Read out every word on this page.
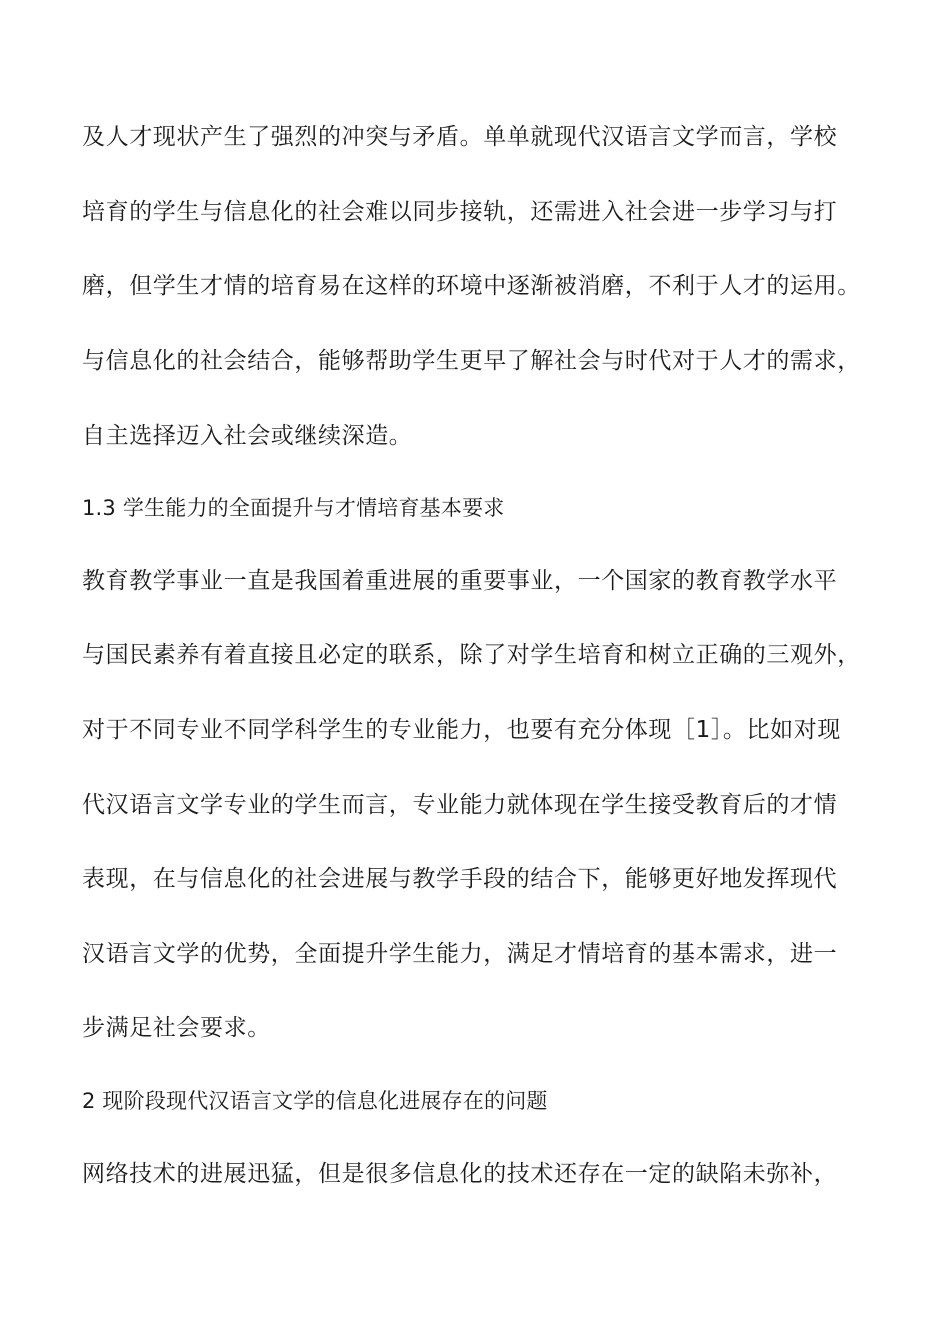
及人才现状产生了强烈的冲突与矛盾。单单就现代汉语言文学而言，学校
培育的学生与信息化的社会难以同步接轨，还需进入社会进一步学习与打
磨，但学生才情的培育易在这样的环境中逐渐被消磨，不利于人才的运用。
与信息化的社会结合，能够帮助学生更早了解社会与时代对于人才的需求，
自主选择迈入社会或继续深造。
1.3 学生能力的全面提升与才情培育基本要求
教育教学事业一直是我国着重进展的重要事业，一个国家的教育教学水平
与国民素养有着直接且必定的联系，除了对学生培育和树立正确的三观外，
对于不同专业不同学科学生的专业能力，也要有充分体现［1］。比如对现
代汉语言文学专业的学生而言，专业能力就体现在学生接受教育后的才情
表现，在与信息化的社会进展与教学手段的结合下，能够更好地发挥现代
汉语言文学的优势，全面提升学生能力，满足才情培育的基本需求，进一
步满足社会要求。
2 现阶段现代汉语言文学的信息化进展存在的问题
网络技术的进展迅猛，但是很多信息化的技术还存在一定的缺陷未弥补，
